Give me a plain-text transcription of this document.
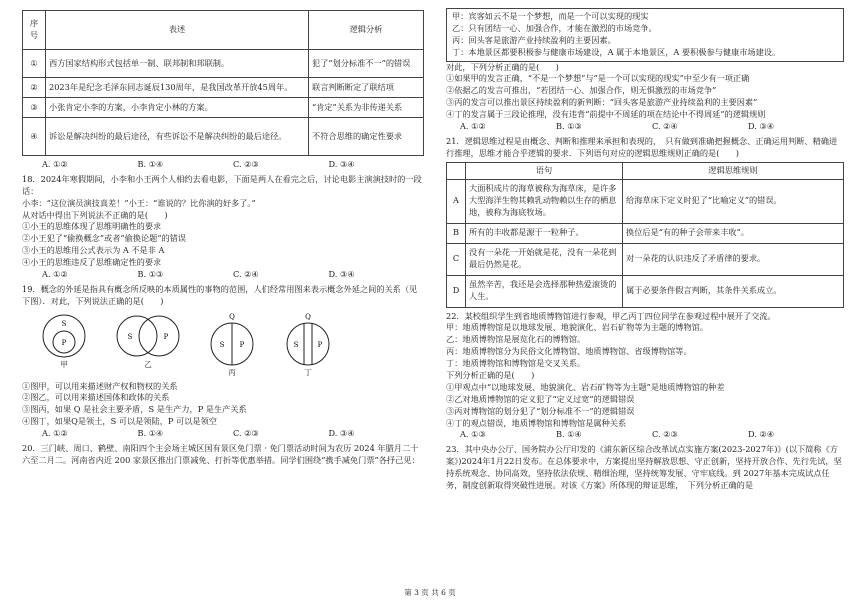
序号	表述	逻辑分析
①	西方国家结构形式包括单一制、联邦制和邦联制。	犯了“划分标准不一”的错误
②	2023年是纪念毛泽东同志诞辰130周年，是我国改革开放45周年。	联言判断断定了联结项
③	小张肯定小李的方案，小李肯定小林的方案。	“肯定”关系为非传递关系
④	诉讼是解决纠纷的最后途径，有些诉讼不是解决纠纷的最后途径。	不符合思维的确定性要求
A. ①②	B. ①④	C. ②③	D. ③④

18．2024年寒假期间，小李和小王两个人相约去看电影，下面是两人在看完之后，讨论电影主演演技时的一段话：

小李：“这位演员演技真差！”小王：“谁说的？比你演的好多了。”

从对话中得出下列说法不正确的是(　　)

①小王的思维体现了思维明确性的要求

②小王犯了“偷换概念”或者“偷换论题”的错误

③小王的思维用公式表示为 A 不是非 A

④小王的思维违反了思维确定性的要求

A. ①②	B. ①③	C. ②④	D. ③④

19．概念的外延是指具有概念所反映的本质属性的事物的范围，人们经常用图来表示概念外延之间的关系（见下图）．对此，下列说法正确的是(　　)

S
P
甲
S	P
乙
Q
S P
丙
Q
S	P
丁

①图甲，可以用来描述财产权和物权的关系

②图乙，可以用来描述国体和政体的关系

③图丙，如果 Q 是社会主要矛盾，S 是生产力，P 是生产关系

④图丁，如果Q是领土，S 可以是领陆，P 可以是领空

A. ①②	B. ①④	C. ②③	D. ③④

20．三门峡、周口、鹤壁、南阳四个主会场主城区国有景区免门票 · 免门票活动时间为农历 2024 年腊月二十六至二月二。河南省内近 200 家景区推出门票减免、打折等优惠举措。同学们围绕“携手减免门票”各抒己见：

甲：宾客如云不是一个梦想，而是一个可以实现的现实

乙：只有团结一心、加强合作，才能在激烈的市场竞争。

丙：回头客是旅游产业持续盈利的主要因素。

丁：本地景区都要积极参与健康市场建设，A 属于本地景区，A 要积极参与健康市场建设。

对此，下列分析正确的是(　　)

①如果甲的发言正确，“不是一个梦想”与“是一个可以实现的现实”中至少有一项正确

②依据乙的发言可推出，“若团结一心、加强合作，则无惧激烈的市场竞争”

③丙的发言可以推出景区持续盈利的新判断：“回头客是旅游产业持续盈利的主要因素”

④丁的发言属于三段论推理，没有违背“前提中不周延的项在结论中不得周延”的逻辑规则

A. ①②	B. ①③	C. ②④	D. ③④

21．逻辑思维过程是由概念、判断和推理来承担和表现的，　只有做到准确把握概念、正确运用判断、精确进行推理，思维才能合乎逻辑的要求．下列语句对应的逻辑思维规则正确的是(　　)

	语句	逻辑思维规则
A	大面积成片的海草被称为海草床，是许多大型海洋生物其赖乳动物赖以生存的栖息地，被称为海底牧场。	给海草床下定义时犯了“比喻定义”的错误。
B	所有的丰收都是源于一粒种子。	换位后是“有的种子会带来丰收”。
C	没有一朵花一开始就是花，没有一朵花到最后仍然是花。	对一朵花的认识违反了矛盾律的要求。
D	虽然辛苦，我还是会选择那种热爱滚烫的人生。	属于必要条件假言判断，其条件关系成立。

22．某校组织学生到省地质博物馆进行参观，甲乙丙丁四位同学在参观过程中展开了交流。

甲：地质博物馆是以地球发展、地貌演化、岩石矿物等为主题的博物馆。

乙：地质博物馆是展览化石的博物馆。

丙：地质博物馆分为民俗文化博物馆、地质博物馆、省级博物馆等。

丁：地质博物馆和博物馆是交叉关系。

下列分析正确的是(　　)

①甲观点中“以地球发展、地貌演化、岩石矿物等为主题”是地质博物馆的种差

②乙对地质博物馆的定义犯了“定义过宽”的逻辑错误

③丙对博物馆的划分犯了“划分标准不一”的逻辑错误

④丁的观点错误，地质博物馆和博物馆是属种关系

A. ①③	B. ①④	C. ②③	D. ②④

23．其中央办公厅、国务院办公厅印发的《浦东新区综合改革试点实施方案(2023-2027年)》(以下简称《方案》)2024年1月22日发布。在总体要求中，方案提出坚持解放思想、守正创新，坚持开放合作、先行先试，坚持系统观念、协同高效，坚持依法依规、精细治理，坚持统筹发展、守牢底线。到 2027年基本完成试点任务，制度创新取得突破性进展。对该《方案》所体现的辩证思维，　下列分析正确的是

第 3 页 共 6 页
